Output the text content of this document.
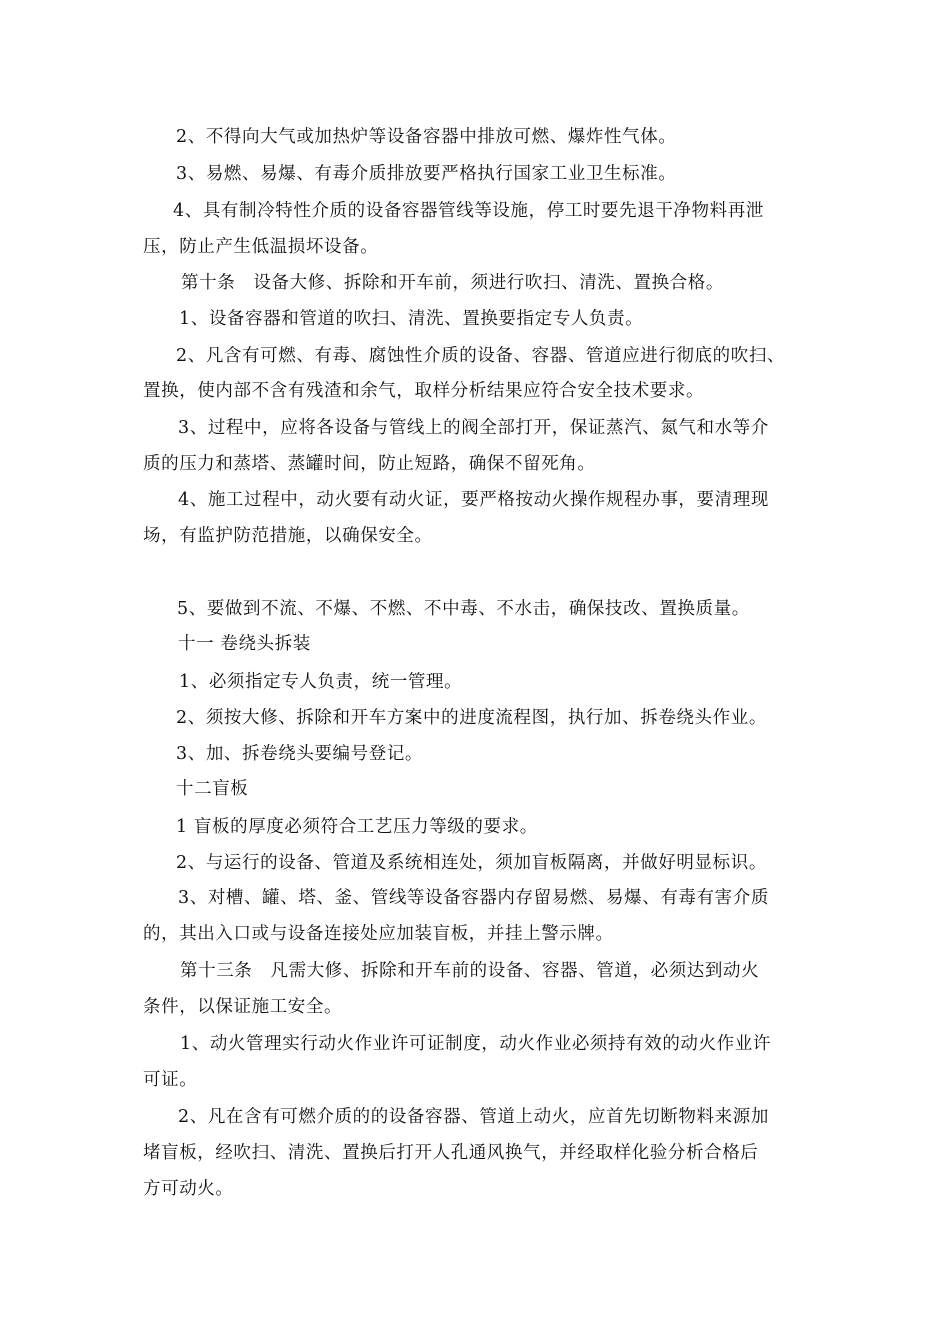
2、不得向大气或加热炉等设备容器中排放可燃、爆炸性气体。
3、易燃、易爆、有毒介质排放要严格执行国家工业卫生标准。
4、具有制冷特性介质的设备容器管线等设施，停工时要先退干净物料再泄
压，防止产生低温损坏设备。
第十条　设备大修、拆除和开车前，须进行吹扫、清洗、置换合格。
1、设备容器和管道的吹扫、清洗、置换要指定专人负责。
2、凡含有可燃、有毒、腐蚀性介质的设备、容器、管道应进行彻底的吹扫、
置换，使内部不含有残渣和余气，取样分析结果应符合安全技术要求。
3、过程中，应将各设备与管线上的阀全部打开，保证蒸汽、氮气和水等介
质的压力和蒸塔、蒸罐时间，防止短路，确保不留死角。
4、施工过程中，动火要有动火证，要严格按动火操作规程办事，要清理现
场，有监护防范措施，以确保安全。
5、要做到不流、不爆、不燃、不中毒、不水击，确保技改、置换质量。
十一 卷绕头拆装
1、必须指定专人负责，统一管理。
2、须按大修、拆除和开车方案中的进度流程图，执行加、拆卷绕头作业。
3、加、拆卷绕头要编号登记。
十二盲板
1 盲板的厚度必须符合工艺压力等级的要求。
2、与运行的设备、管道及系统相连处，须加盲板隔离，并做好明显标识。
3、对槽、罐、塔、釜、管线等设备容器内存留易燃、易爆、有毒有害介质
的，其出入口或与设备连接处应加装盲板，并挂上警示牌。
第十三条　凡需大修、拆除和开车前的设备、容器、管道，必须达到动火
条件，以保证施工安全。
1、动火管理实行动火作业许可证制度，动火作业必须持有效的动火作业许
可证。
2、凡在含有可燃介质的的设备容器、管道上动火，应首先切断物料来源加
堵盲板，经吹扫、清洗、置换后打开人孔通风换气，并经取样化验分析合格后
方可动火。
